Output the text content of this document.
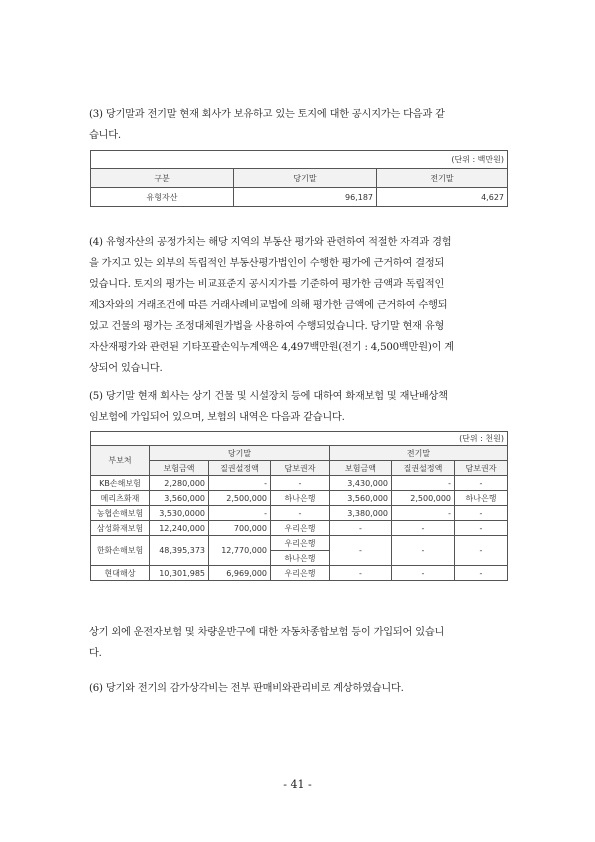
(3) 당기말과 전기말 현재 회사가 보유하고 있는 토지에 대한 공시지가는 다음과 같
습니다.

(단위 : 백만원)		
구분	당기말	전기말
유형자산	96,187	4,627

(4) 유형자산의 공정가치는 해당 지역의 부동산 평가와 관련하여 적절한 자격과 경험
을 가지고 있는 외부의 독립적인 부동산평가법인이 수행한 평가에 근거하여 결정되
었습니다. 토지의 평가는 비교표준지 공시지가를 기준하여 평가한 금액과 독립적인
제3자와의 거래조건에 따른 거래사례비교법에 의해 평가한 금액에 근거하여 수행되
었고 건물의 평가는 조정대체원가법을 사용하여 수행되었습니다. 당기말 현재 유형
자산재평가와 관련된 기타포괄손익누계액은 4,497백만원(전기 : 4,500백만원)이 계
상되어 있습니다.

(5) 당기말 현재 회사는 상기 건물 및 시설장치 등에 대하여 화재보험 및 재난배상책
임보험에 가입되어 있으며, 보험의 내역은 다음과 같습니다.

(단위 : 천원)						
부보처	당기말			전기말		
	보험금액	질권설정액	담보권자	보험금액	질권설정액	담보권자
KB손해보험	2,280,000	-	-	3,430,000	-	-
메리츠화재	3,560,000	2,500,000	하나은행	3,560,000	2,500,000	하나은행
농협손해보험	3,530,0000	-	-	3,380,000	-	-
삼성화재보험	12,240,000	700,000	우리은행	-	-	-
한화손해보험	48,395,373	12,770,000	우리은행	-	-	-
			하나은행			
현대해상	10,301,985	6,969,000	우리은행	-	-	-

상기 외에 운전자보험 및 차량운반구에 대한 자동차종합보험 등이 가입되어 있습니
다.

(6) 당기와 전기의 감가상각비는 전부 판매비와관리비로 계상하였습니다.

- 41 -
